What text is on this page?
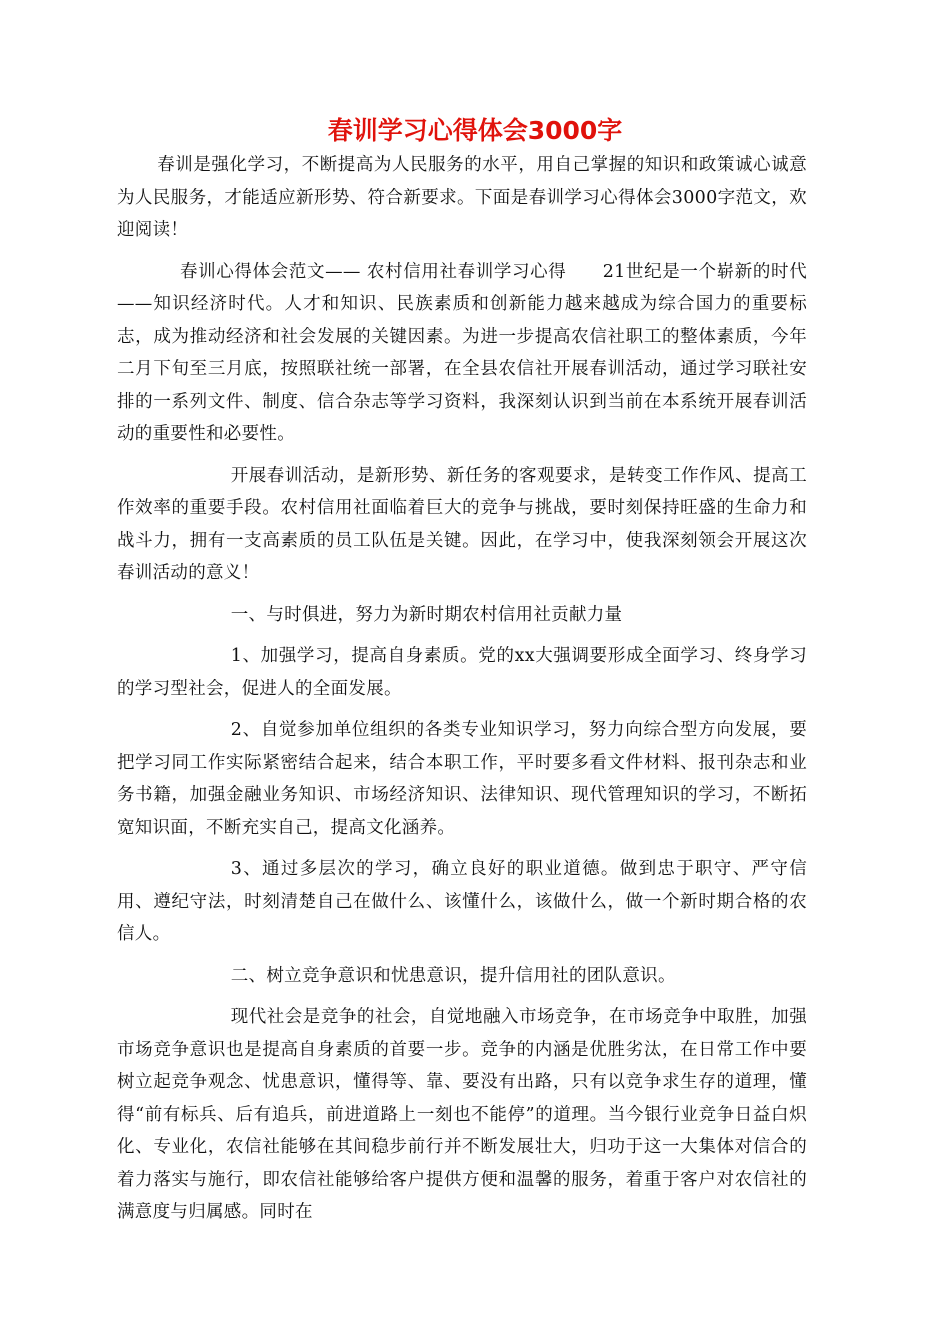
春训学习心得体会3000字

春训是强化学习，不断提高为人民服务的水平，用自己掌握的知识和政策诚心诚意为人民服务，才能适应新形势、符合新要求。下面是春训学习心得体会3000字范文，欢迎阅读！

春训心得体会范文—— 农村信用社春训学习心得　　21世纪是一个崭新的时代——知识经济时代。人才和知识、民族素质和创新能力越来越成为综合国力的重要标志，成为推动经济和社会发展的关键因素。为进一步提高农信社职工的整体素质，今年二月下旬至三月底，按照联社统一部署，在全县农信社开展春训活动，通过学习联社安排的一系列文件、制度、信合杂志等学习资料，我深刻认识到当前在本系统开展春训活动的重要性和必要性。

开展春训活动，是新形势、新任务的客观要求，是转变工作作风、提高工作效率的重要手段。农村信用社面临着巨大的竞争与挑战，要时刻保持旺盛的生命力和战斗力，拥有一支高素质的员工队伍是关键。因此，在学习中，使我深刻领会开展这次春训活动的意义！

一、与时俱进，努力为新时期农村信用社贡献力量

1、加强学习，提高自身素质。党的xx大强调要形成全面学习、终身学习的学习型社会，促进人的全面发展。

2、自觉参加单位组织的各类专业知识学习，努力向综合型方向发展，要把学习同工作实际紧密结合起来，结合本职工作，平时要多看文件材料、报刊杂志和业务书籍，加强金融业务知识、市场经济知识、法律知识、现代管理知识的学习，不断拓宽知识面，不断充实自己，提高文化涵养。

3、通过多层次的学习，确立良好的职业道德。做到忠于职守、严守信用、遵纪守法，时刻清楚自己在做什么、该懂什么，该做什么，做一个新时期合格的农信人。

二、树立竞争意识和忧患意识，提升信用社的团队意识。

现代社会是竞争的社会，自觉地融入市场竞争，在市场竞争中取胜，加强市场竞争意识也是提高自身素质的首要一步。竞争的内涵是优胜劣汰，在日常工作中要树立起竞争观念、忧患意识，懂得等、靠、要没有出路，只有以竞争求生存的道理，懂得“前有标兵、后有追兵，前进道路上一刻也不能停”的道理。当今银行业竞争日益白炽化、专业化，农信社能够在其间稳步前行并不断发展壮大，归功于这一大集体对信合的着力落实与施行，即农信社能够给客户提供方便和温馨的服务，着重于客户对农信社的满意度与归属感。同时在
